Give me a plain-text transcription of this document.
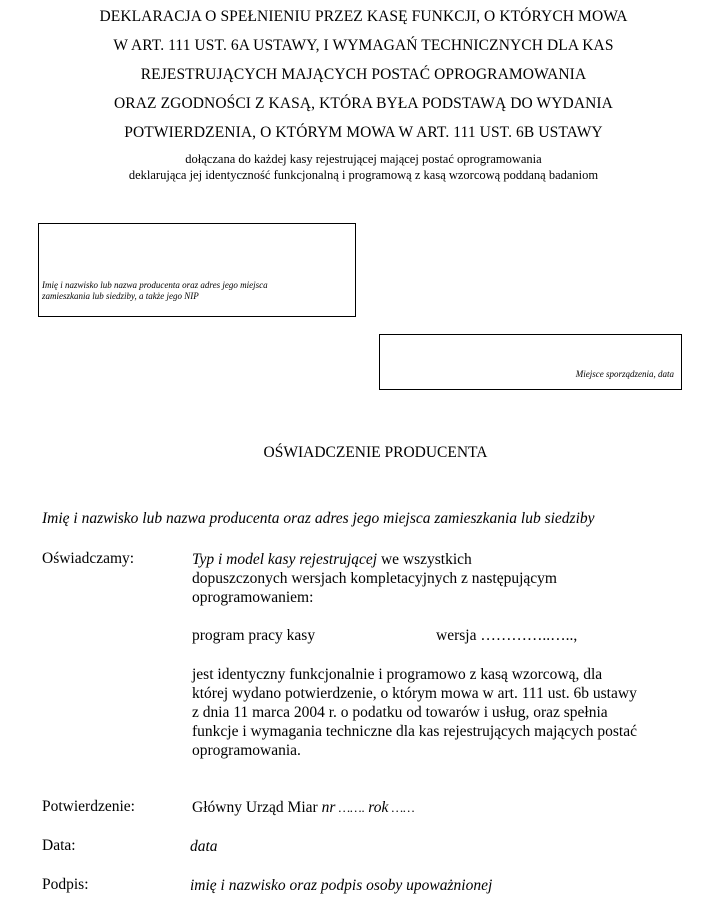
DEKLARACJA O SPEŁNIENIU PRZEZ KASĘ FUNKCJI, O KTÓRYCH MOWA
W ART. 111 UST. 6A USTAWY, I WYMAGAŃ TECHNICZNYCH DLA KAS
REJESTRUJĄCYCH MAJĄCYCH POSTAĆ OPROGRAMOWANIA
ORAZ ZGODNOŚCI Z KASĄ, KTÓRA BYŁA PODSTAWĄ DO WYDANIA
POTWIERDZENIA, O KTÓRYM MOWA W ART. 111 UST. 6B USTAWY
dołączana do każdej kasy rejestrującej mającej postać oprogramowania
deklarująca jej identyczność funkcjonalną i programową z kasą wzorcową poddaną badaniom
Imię i nazwisko lub nazwa producenta oraz adres jego miejsca
zamieszkania lub siedziby, a także jego NIP
Miejsce sporządzenia, data
OŚWIADCZENIE PRODUCENTA
Imię i nazwisko lub nazwa producenta oraz adres jego miejsca zamieszkania lub siedziby
Oświadczamy:	Typ i model kasy rejestrującej we wszystkich
dopuszczonych wersjach kompletacyjnych z następującym
oprogramowaniem:
program pracy kasy	wersja …………..…..,
jest identyczny funkcjonalnie i programowo z kasą wzorcową, dla
której wydano potwierdzenie, o którym mowa w art. 111 ust. 6b ustawy
z dnia 11 marca 2004 r. o podatku od towarów i usług, oraz spełnia
funkcje i wymagania techniczne dla kas rejestrujących mających postać
oprogramowania.
Potwierdzenie:	Główny Urząd Miar nr ……. rok ……
Data:	data
Podpis:	imię i nazwisko oraz podpis osoby upoważnionej
